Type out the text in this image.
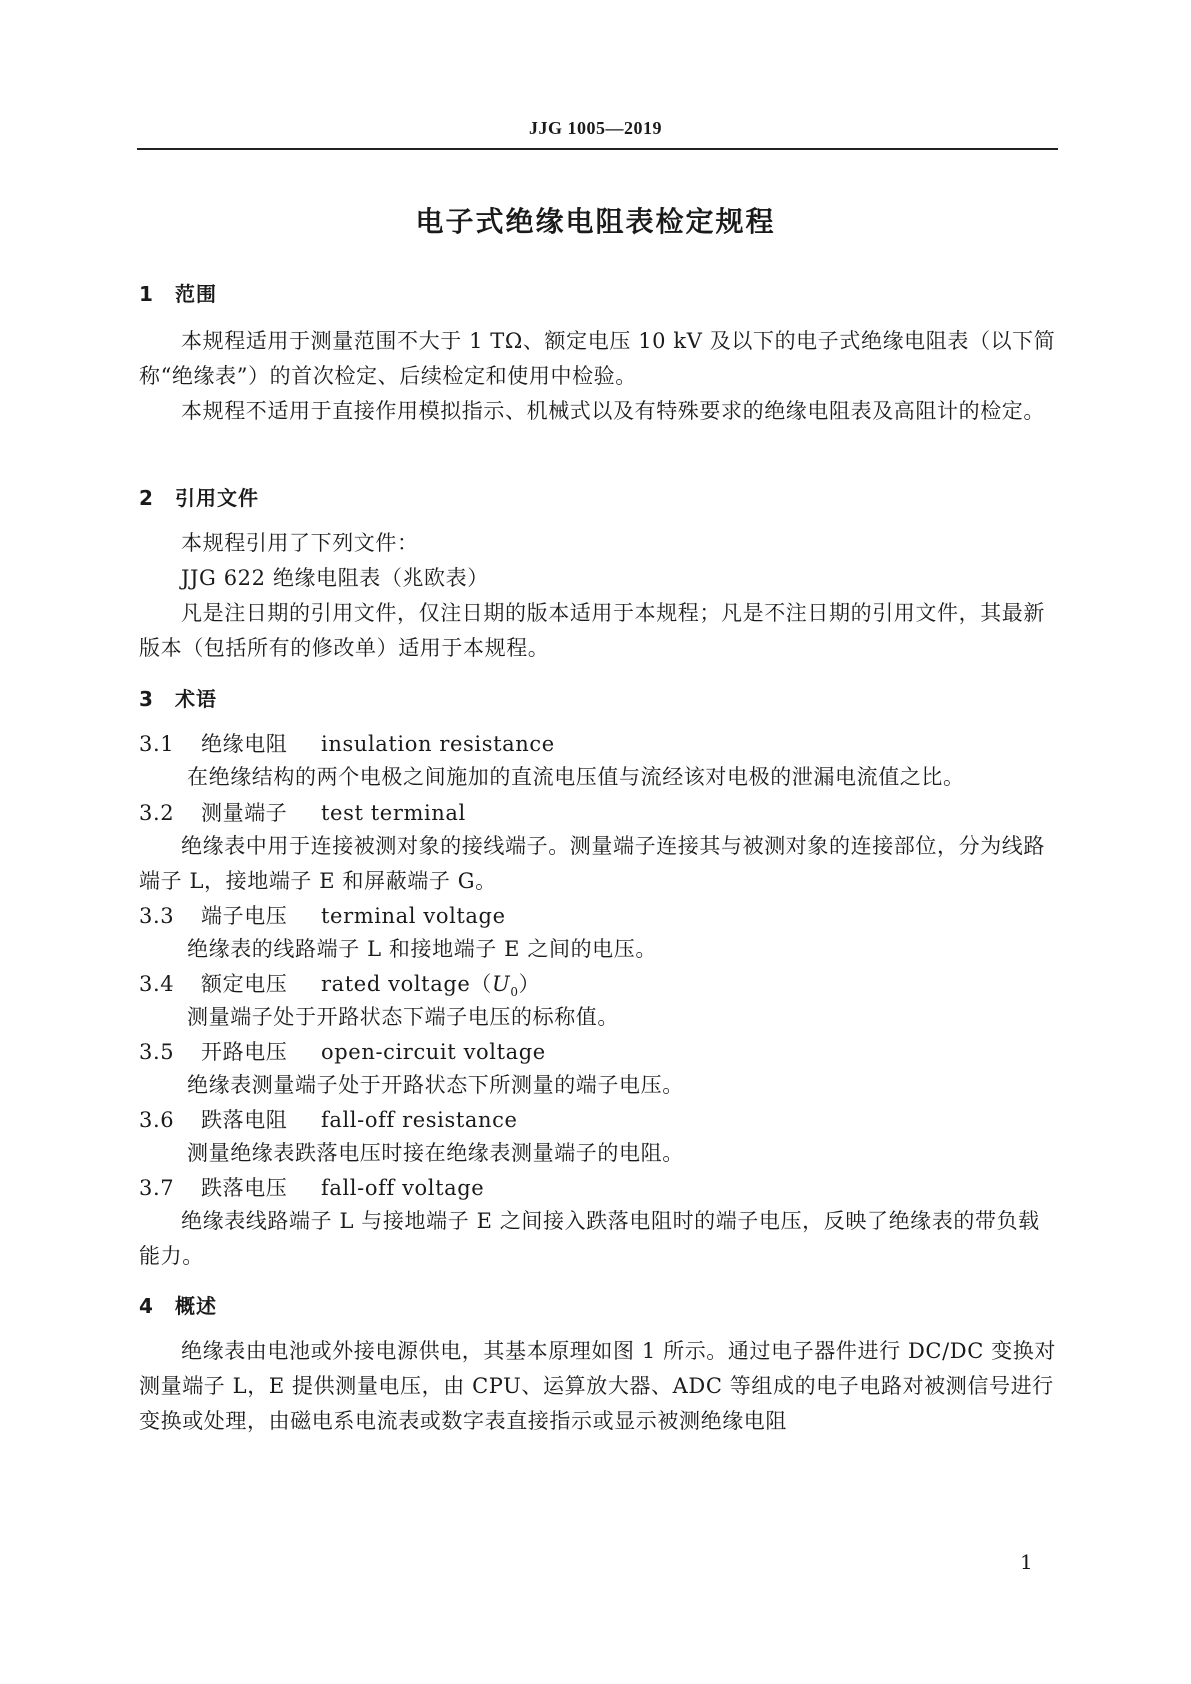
JJG 1005—2019
电子式绝缘电阻表检定规程
1 范围
本规程适用于测量范围不大于 1 TΩ、额定电压 10 kV 及以下的电子式绝缘电阻表（以下简称“绝缘表”）的首次检定、后续检定和使用中检验。
本规程不适用于直接作用模拟指示、机械式以及有特殊要求的绝缘电阻表及高阻计的检定。
2 引用文件
本规程引用了下列文件：
JJG 622 绝缘电阻表（兆欧表）
凡是注日期的引用文件，仅注日期的版本适用于本规程；凡是不注日期的引用文件，其最新版本（包括所有的修改单）适用于本规程。
3 术语
3.1 绝缘电阻 insulation resistance
在绝缘结构的两个电极之间施加的直流电压值与流经该对电极的泄漏电流值之比。
3.2 测量端子 test terminal
绝缘表中用于连接被测对象的接线端子。测量端子连接其与被测对象的连接部位，分为线路端子 L，接地端子 E 和屏蔽端子 G。
3.3 端子电压 terminal voltage
绝缘表的线路端子 L 和接地端子 E 之间的电压。
3.4 额定电压 rated $voltage(U_0)$
测量端子处于开路状态下端子电压的标称值。
3.5 开路电压 open-circuit voltage
绝缘表测量端子处于开路状态下所测量的端子电压。
3.6 跌落电阻 fall-off resistance
测量绝缘表跌落电压时接在绝缘表测量端子的电阻。
3.7 跌落电压 fall-off voltage
绝缘表线路端子 L 与接地端子 E 之间接入跌落电阻时的端子电压，反映了绝缘表的带负载能力。
4 概述
绝缘表由电池或外接电源供电，其基本原理如图 1 所示。通过电子器件进行 DC/DC 变换对测量端子 L，E 提供测量电压，由 CPU、运算放大器、ADC 等组成的电子电路对被测信号进行变换或处理，由磁电系电流表或数字表直接指示或显示被测绝缘电阻
1
